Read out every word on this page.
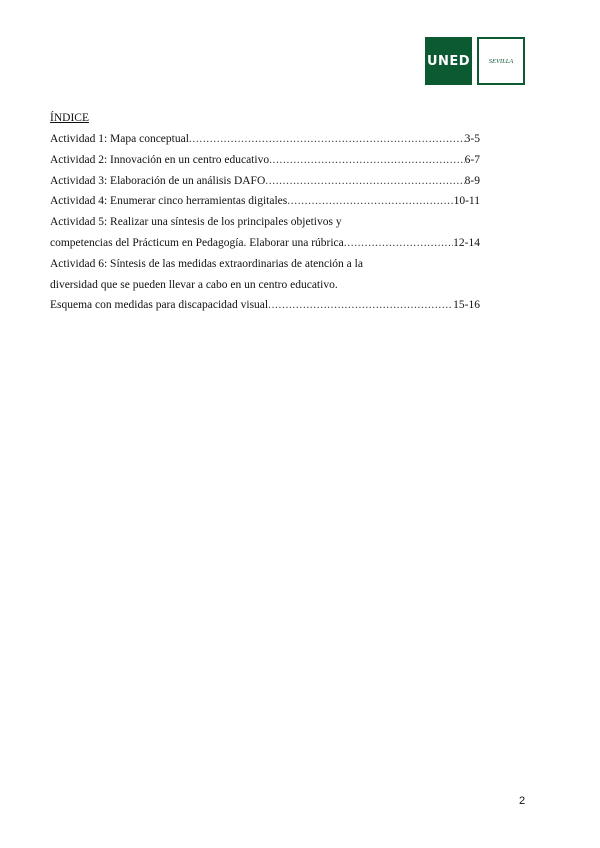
UNED	SEVILLA
ÍNDICE
Actividad 1: Mapa conceptual .....	3-5
Actividad 2: Innovación en un centro educativo .....	6-7
Actividad 3: Elaboración de un análisis DAFO .....	8-9
Actividad 4: Enumerar cinco herramientas digitales .....	10-11
Actividad 5: Realizar una síntesis de los principales objetivos y
competencias del Prácticum en Pedagogía. Elaborar una rúbrica .....	12-14
Actividad 6: Síntesis de las medidas extraordinarias de atención a la
diversidad que se pueden llevar a cabo en un centro educativo.
Esquema con medidas para discapacidad visual .....	15-16
2
